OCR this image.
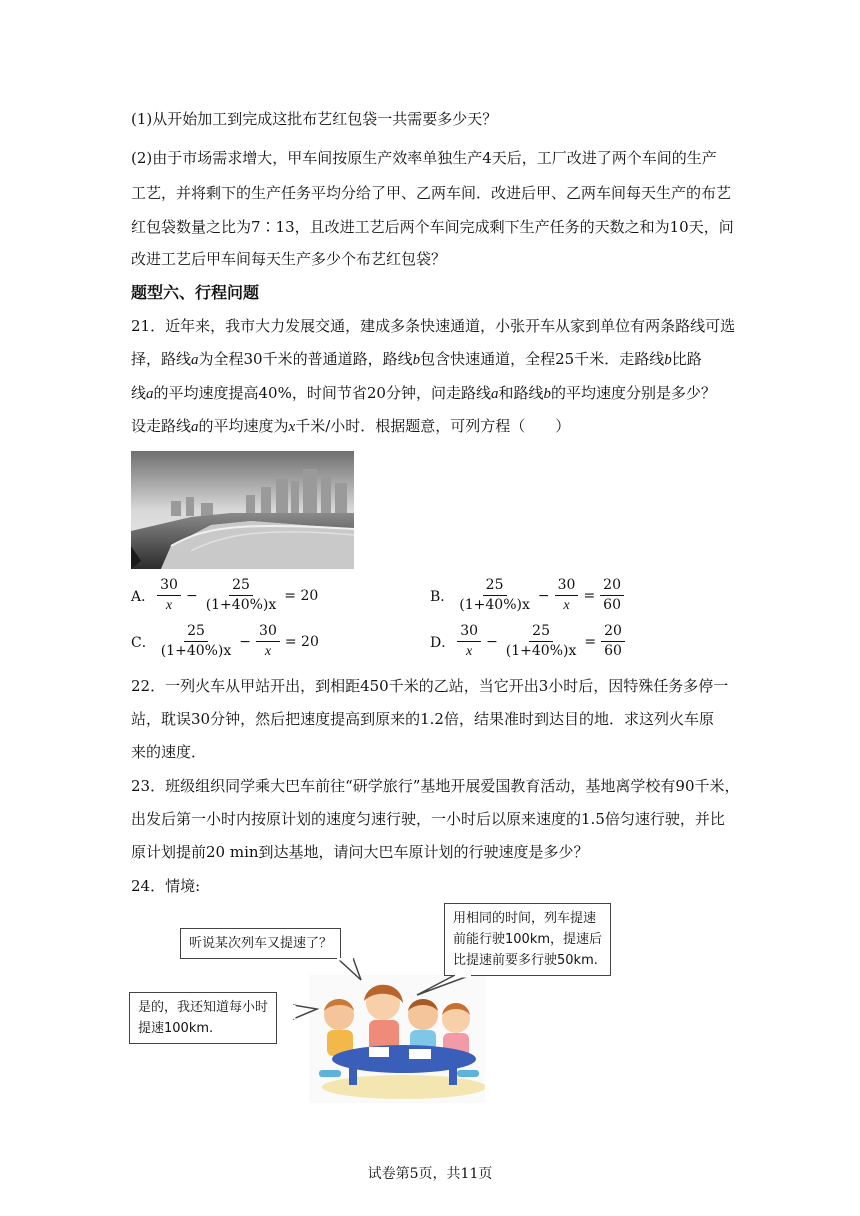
(1)从开始加工到完成这批布艺红包袋一共需要多少天？
(2)由于市场需求增大，甲车间按原生产效率单独生产4天后，工厂改进了两个车间的生产
工艺，并将剩下的生产任务平均分给了甲、乙两车间．改进后甲、乙两车间每天生产的布艺
红包袋数量之比为7∶13，且改进工艺后两个车间完成剩下生产任务的天数之和为10天，问
改进工艺后甲车间每天生产多少个布艺红包袋？
题型六、行程问题
21．近年来，我市大力发展交通，建成多条快速通道，小张开车从家到单位有两条路线可选
择，路线a为全程30千米的普通道路，路线b包含快速通道，全程25千米．走路线b比路
线a的平均速度提高40%，时间节省20分钟，问走路线a和路线b的平均速度分别是多少？
设走路线a的平均速度为x千米/小时．根据题意，可列方程（　　）
A． $\frac{30}{x} - \frac{25}{(1+40\%)x} = 20$	B． $\frac{25}{(1+40\%)x} - \frac{30}{x} = \frac{20}{60}$
C． $\frac{25}{(1+40\%)x} - \frac{30}{x} = 20$	D． $\frac{30}{x} - \frac{25}{(1+40\%)x} = \frac{20}{60}$
22．一列火车从甲站开出，到相距450千米的乙站，当它开出3小时后，因特殊任务多停一
站，耽误30分钟，然后把速度提高到原来的1.2倍，结果准时到达目的地．求这列火车原
来的速度．
23．班级组织同学乘大巴车前往“研学旅行”基地开展爱国教育活动，基地离学校有90千米，
出发后第一小时内按原计划的速度匀速行驶，一小时后以原来速度的1.5倍匀速行驶，并比
原计划提前20 min到达基地，请问大巴车原计划的行驶速度是多少？
24．情境:
听说某次列车又提速了？
用相同的时间，列车提速
前能行驶100km，提速后
比提速前要多行驶50km.
是的，我还知道每小时
提速100km.
试卷第5页，共11页
